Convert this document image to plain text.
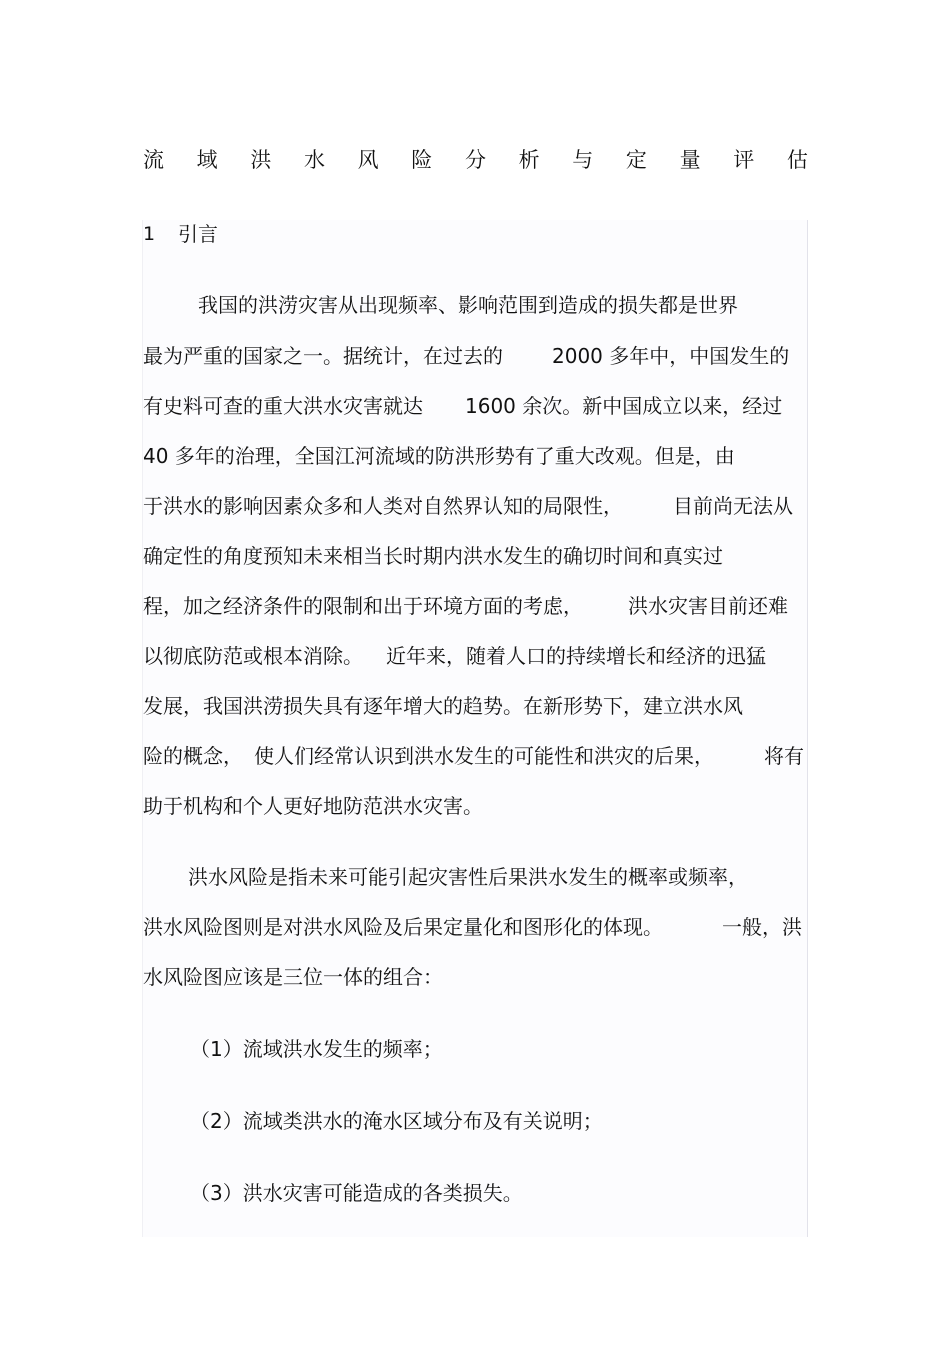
流 域 洪 水 风 险 分 析 与 定 量 评 估
1 引言
我国的洪涝灾害从出现频率、影响范围到造成的损失都是世界
最为严重的国家之一。据统计，在过去的 2000 多年中，中国发生的
有史料可查的重大洪水灾害就达 1600 余次。新中国成立以来，经过
40 多年的治理，全国江河流域的防洪形势有了重大改观。但是，由
于洪水的影响因素众多和人类对自然界认知的局限性，	目前尚无法从
确定性的角度预知未来相当长时期内洪水发生的确切时间和真实过
程，加之经济条件的限制和出于环境方面的考虑， 洪水灾害目前还难
以彻底防范或根本消除。 近年来，随着人口的持续增长和经济的迅猛
发展，我国洪涝损失具有逐年增大的趋势。在新形势下，建立洪水风
险的概念， 使人们经常认识到洪水发生的可能性和洪灾的后果，	将有
助于机构和个人更好地防范洪水灾害。
洪水风险是指未来可能引起灾害性后果洪水发生的概率或频率，
洪水风险图则是对洪水风险及后果定量化和图形化的体现。	一般，洪
水风险图应该是三位一体的组合：
（1）流域洪水发生的频率；
（2）流域类洪水的淹水区域分布及有关说明；
（3）洪水灾害可能造成的各类损失。
